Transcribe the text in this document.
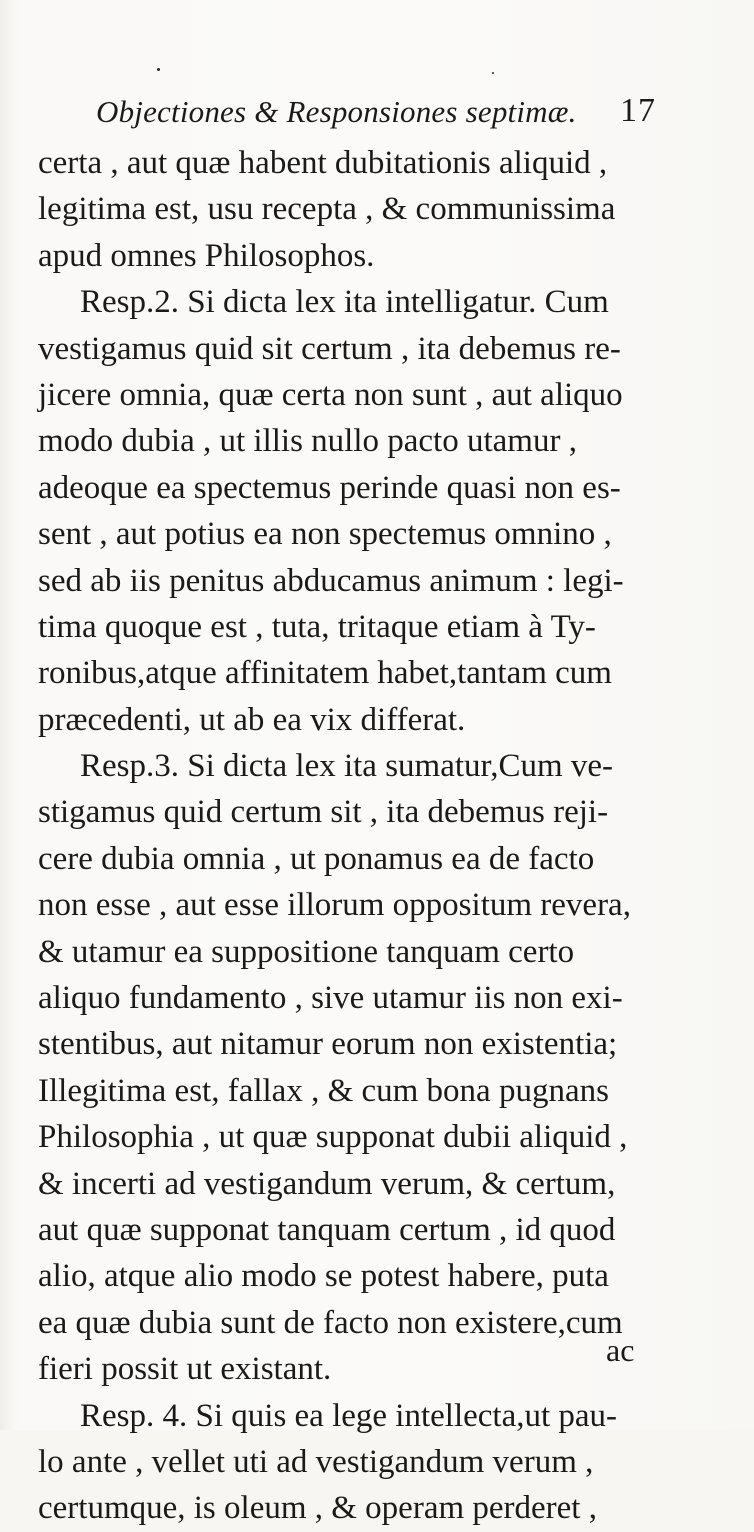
Objectiones & Responsiones septimæ. 17
certa , aut quæ habent dubitationis aliquid ,
legitima est, usu recepta , & communissima
apud omnes Philosophos.
Resp.2. Si dicta lex ita intelligatur. Cum
vestigamus quid sit certum , ita debemus re-
jicere omnia, quæ certa non sunt , aut aliquo
modo dubia , ut illis nullo pacto utamur ,
adeoque ea spectemus perinde quasi non es-
sent , aut potius ea non spectemus omnino ,
sed ab iis penitus abducamus animum : legi-
tima quoque est , tuta, tritaque etiam à Ty-
ronibus,atque affinitatem habet,tantam cum
præcedenti, ut ab ea vix differat.
Resp.3. Si dicta lex ita sumatur,Cum ve-
stigamus quid certum sit , ita debemus reji-
cere dubia omnia , ut ponamus ea de facto
non esse , aut esse illorum oppositum revera,
& utamur ea suppositione tanquam certo
aliquo fundamento , sive utamur iis non exi-
stentibus, aut nitamur eorum non existentia;
Illegitima est, fallax , & cum bona pugnans
Philosophia , ut quæ supponat dubii aliquid ,
& incerti ad vestigandum verum, & certum,
aut quæ supponat tanquam certum , id quod
alio, atque alio modo se potest habere, puta
ea quæ dubia sunt de facto non existere,cum
fieri possit ut existant.
Resp. 4. Si quis ea lege intellecta,ut pau-
lo ante , vellet uti ad vestigandum verum ,
certumque, is oleum , & operam perderet ,
ac
